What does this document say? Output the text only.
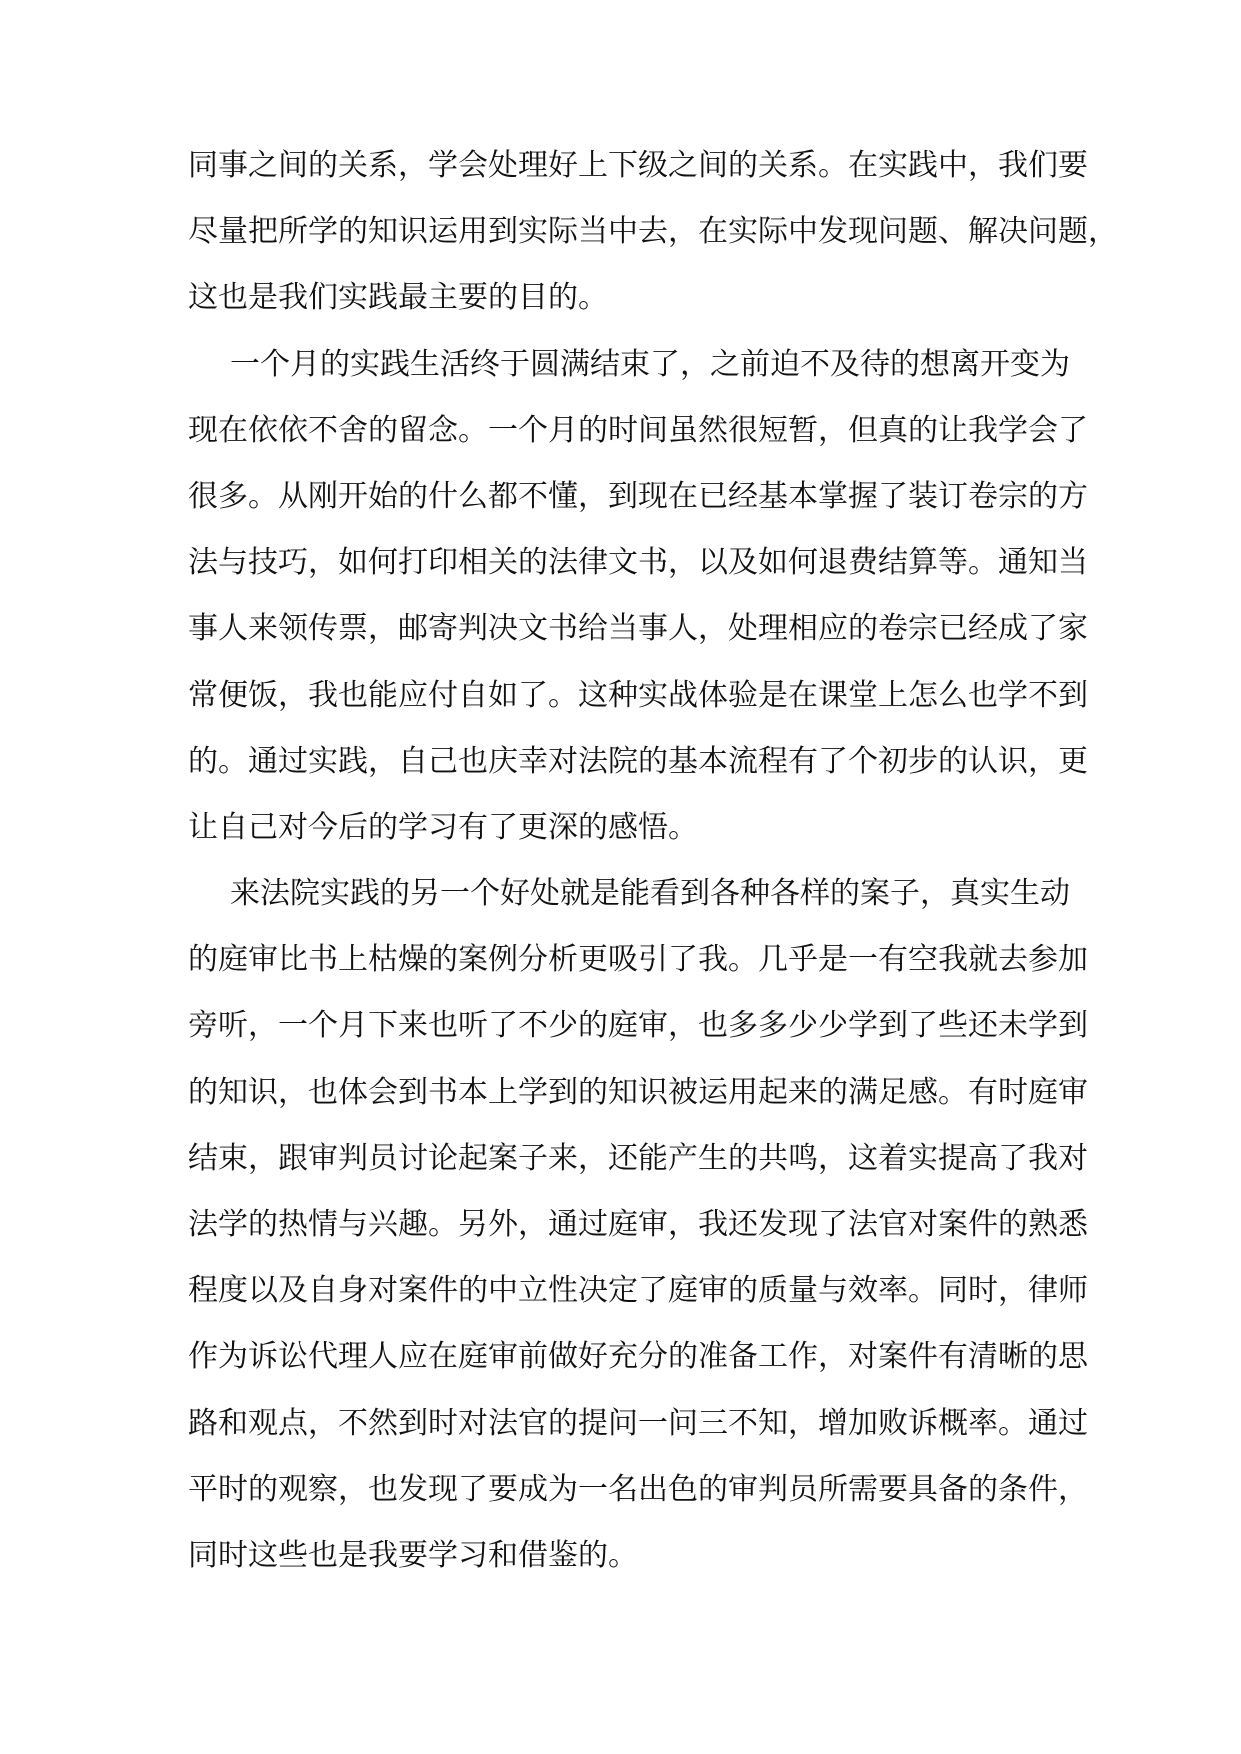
同事之间的关系，学会处理好上下级之间的关系。在实践中，我们要
尽量把所学的知识运用到实际当中去，在实际中发现问题、解决问题，
这也是我们实践最主要的目的。
一个月的实践生活终于圆满结束了，之前迫不及待的想离开变为
现在依依不舍的留念。一个月的时间虽然很短暂，但真的让我学会了
很多。从刚开始的什么都不懂，到现在已经基本掌握了装订卷宗的方
法与技巧，如何打印相关的法律文书，以及如何退费结算等。通知当
事人来领传票，邮寄判决文书给当事人，处理相应的卷宗已经成了家
常便饭，我也能应付自如了。这种实战体验是在课堂上怎么也学不到
的。通过实践，自己也庆幸对法院的基本流程有了个初步的认识，更
让自己对今后的学习有了更深的感悟。
来法院实践的另一个好处就是能看到各种各样的案子，真实生动
的庭审比书上枯燥的案例分析更吸引了我。几乎是一有空我就去参加
旁听，一个月下来也听了不少的庭审，也多多少少学到了些还未学到
的知识，也体会到书本上学到的知识被运用起来的满足感。有时庭审
结束，跟审判员讨论起案子来，还能产生的共鸣，这着实提高了我对
法学的热情与兴趣。另外，通过庭审，我还发现了法官对案件的熟悉
程度以及自身对案件的中立性决定了庭审的质量与效率。同时，律师
作为诉讼代理人应在庭审前做好充分的准备工作，对案件有清晰的思
路和观点，不然到时对法官的提问一问三不知，增加败诉概率。通过
平时的观察，也发现了要成为一名出色的审判员所需要具备的条件，
同时这些也是我要学习和借鉴的。
